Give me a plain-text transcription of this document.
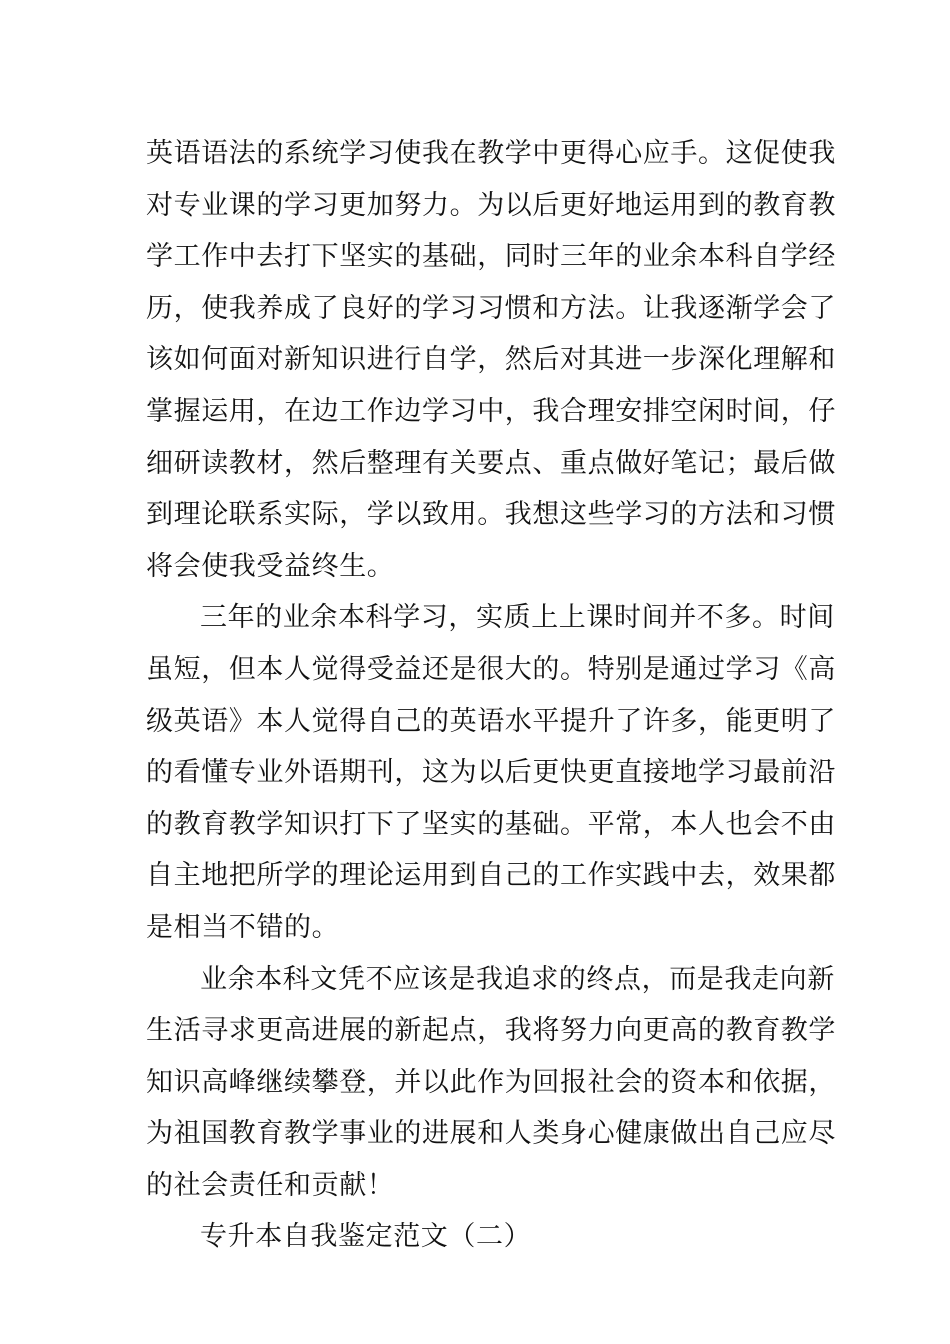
英语语法的系统学习使我在教学中更得心应手。这促使我
对专业课的学习更加努力。为以后更好地运用到的教育教
学工作中去打下坚实的基础，同时三年的业余本科自学经
历，使我养成了良好的学习习惯和方法。让我逐渐学会了
该如何面对新知识进行自学，然后对其进一步深化理解和
掌握运用，在边工作边学习中，我合理安排空闲时间，仔
细研读教材，然后整理有关要点、重点做好笔记；最后做
到理论联系实际，学以致用。我想这些学习的方法和习惯
将会使我受益终生。
三年的业余本科学习，实质上上课时间并不多。时间
虽短，但本人觉得受益还是很大的。特别是通过学习《高
级英语》本人觉得自己的英语水平提升了许多，能更明了
的看懂专业外语期刊，这为以后更快更直接地学习最前沿
的教育教学知识打下了坚实的基础。平常，本人也会不由
自主地把所学的理论运用到自己的工作实践中去，效果都
是相当不错的。
业余本科文凭不应该是我追求的终点，而是我走向新
生活寻求更高进展的新起点，我将努力向更高的教育教学
知识高峰继续攀登，并以此作为回报社会的资本和依据，
为祖国教育教学事业的进展和人类身心健康做出自己应尽
的社会责任和贡献！
专升本自我鉴定范文（二）
